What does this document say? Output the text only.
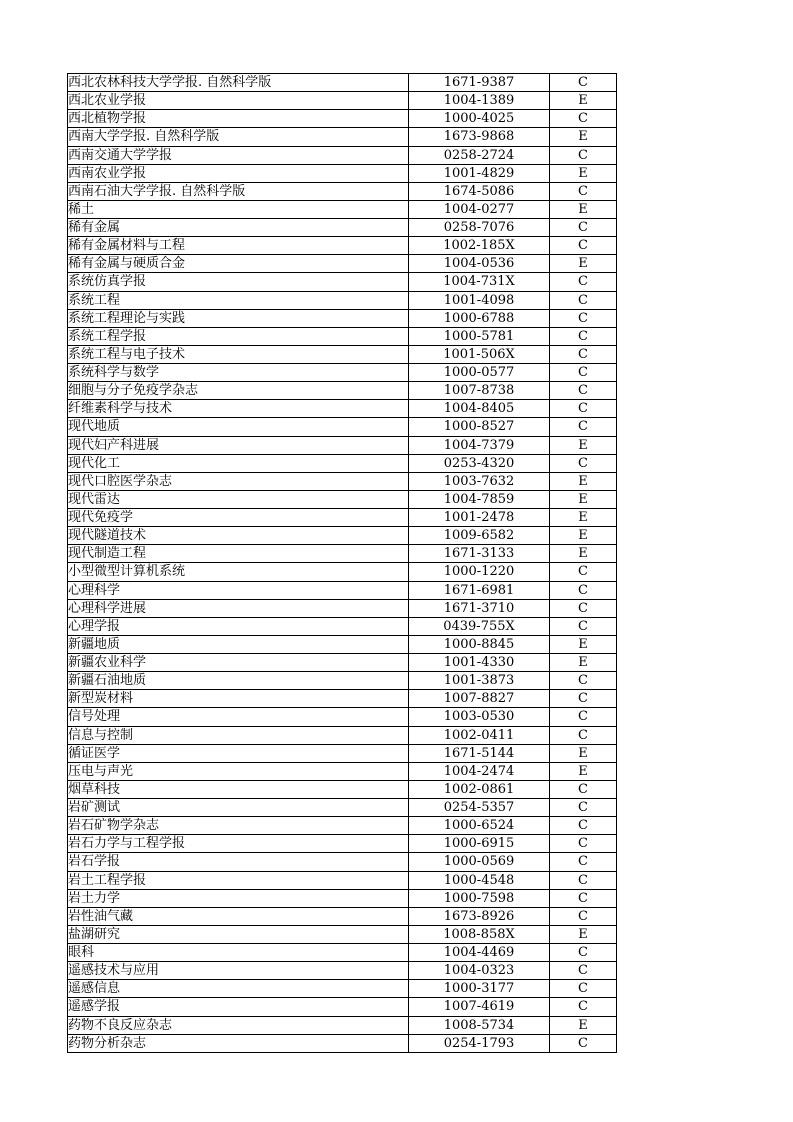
西北农林科技大学学报. 自然科学版	1671-9387	C
西北农业学报	1004-1389	E
西北植物学报	1000-4025	C
西南大学学报. 自然科学版	1673-9868	E
西南交通大学学报	0258-2724	C
西南农业学报	1001-4829	E
西南石油大学学报. 自然科学版	1674-5086	C
稀土	1004-0277	E
稀有金属	0258-7076	C
稀有金属材料与工程	1002-185X	C
稀有金属与硬质合金	1004-0536	E
系统仿真学报	1004-731X	C
系统工程	1001-4098	C
系统工程理论与实践	1000-6788	C
系统工程学报	1000-5781	C
系统工程与电子技术	1001-506X	C
系统科学与数学	1000-0577	C
细胞与分子免疫学杂志	1007-8738	C
纤维素科学与技术	1004-8405	C
现代地质	1000-8527	C
现代妇产科进展	1004-7379	E
现代化工	0253-4320	C
现代口腔医学杂志	1003-7632	E
现代雷达	1004-7859	E
现代免疫学	1001-2478	E
现代隧道技术	1009-6582	E
现代制造工程	1671-3133	E
小型微型计算机系统	1000-1220	C
心理科学	1671-6981	C
心理科学进展	1671-3710	C
心理学报	0439-755X	C
新疆地质	1000-8845	E
新疆农业科学	1001-4330	E
新疆石油地质	1001-3873	C
新型炭材料	1007-8827	C
信号处理	1003-0530	C
信息与控制	1002-0411	C
循证医学	1671-5144	E
压电与声光	1004-2474	E
烟草科技	1002-0861	C
岩矿测试	0254-5357	C
岩石矿物学杂志	1000-6524	C
岩石力学与工程学报	1000-6915	C
岩石学报	1000-0569	C
岩土工程学报	1000-4548	C
岩土力学	1000-7598	C
岩性油气藏	1673-8926	C
盐湖研究	1008-858X	E
眼科	1004-4469	C
遥感技术与应用	1004-0323	C
遥感信息	1000-3177	C
遥感学报	1007-4619	C
药物不良反应杂志	1008-5734	E
药物分析杂志	0254-1793	C
